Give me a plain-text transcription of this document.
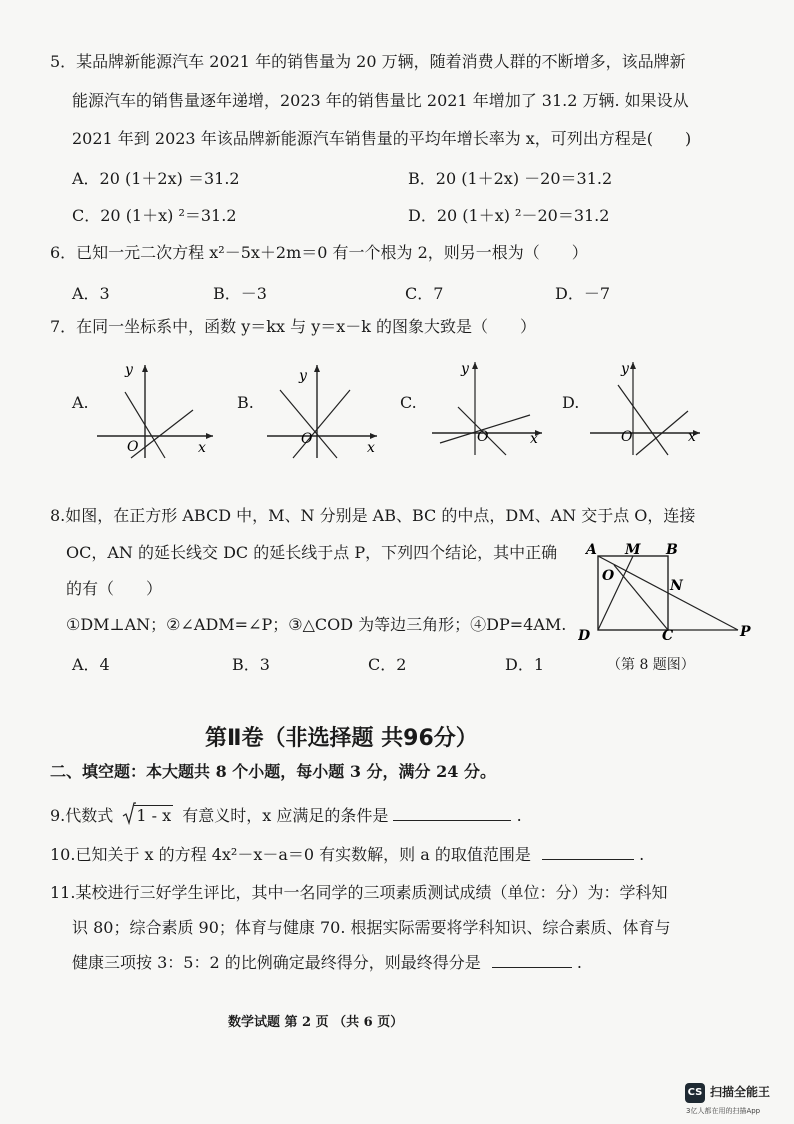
5．某品牌新能源汽车 2021 年的销售量为 20 万辆，随着消费人群的不断增多，该品牌新
能源汽车的销售量逐年递增，2023 年的销售量比 2021 年增加了 31.2 万辆. 如果设从
2021 年到 2023 年该品牌新能源汽车销售量的平均年增长率为 x，可列出方程是(　　)
A．20 (1＋2x) ＝31.2	B．20 (1＋2x) －20＝31.2
C．20 (1＋x) ²＝31.2	D．20 (1＋x) ²－20＝31.2
6．已知一元二次方程 x²－5x＋2m＝0 有一个根为 2，则另一根为（　　）
A．3	B．－3	C．7	D．－7
7．在同一坐标系中，函数 y＝kx 与 y＝x－k 的图象大致是（　　）
A.
y
x
O
B.
y
x
O
C.
y
x
O
D.
y
x
O
8.如图，在正方形 ABCD 中，M、N 分别是 AB、BC 的中点，DM、AN 交于点 O，连接
OC，AN 的延长线交 DC 的延长线于点 P，下列四个结论，其中正确
的有（　　）
①DM⊥AN；②∠ADM=∠P；③△COD 为等边三角形；④DP=4AM.
A．4	B．3	C．2	D．1
A M B
O
N
D	C	P
（第 8 题图）
第Ⅱ卷（非选择题 共96分）
二、填空题：本大题共 8 个小题，每小题 3 分，满分 24 分。
9.代数式 1 - x 有意义时，x 应满足的条件是	.
10.已知关于 x 的方程 4x²－x－a＝0 有实数解，则 a 的取值范围是	.
11.某校进行三好学生评比，其中一名同学的三项素质测试成绩（单位：分）为：学科知
识 80；综合素质 90；体育与健康 70. 根据实际需要将学科知识、综合素质、体育与
健康三项按 3：5：2 的比例确定最终得分，则最终得分是	.
数学试题 第 2 页 （共 6 页）
CS 扫描全能王
3亿人都在用的扫描App
